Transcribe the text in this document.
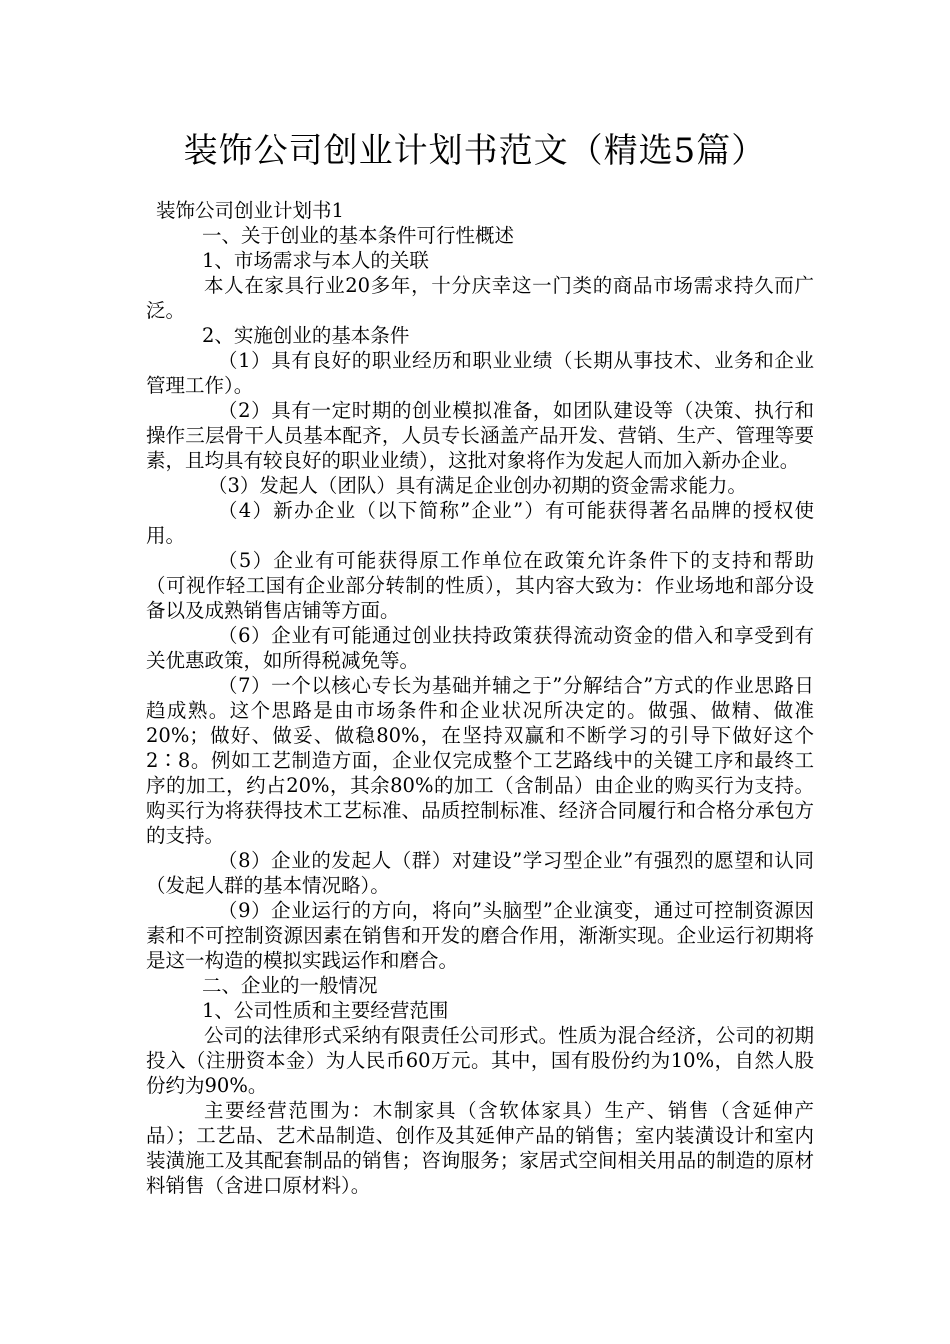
装饰公司创业计划书范文（精选5篇）

装饰公司创业计划书1

一、关于创业的基本条件可行性概述

1、市场需求与本人的关联

本人在家具行业20多年，十分庆幸这一门类的商品市场需求持久而广泛。

2、实施创业的基本条件

（1）具有良好的职业经历和职业业绩（长期从事技术、业务和企业管理工作）。

（2）具有一定时期的创业模拟准备，如团队建设等（决策、执行和操作三层骨干人员基本配齐，人员专长涵盖产品开发、营销、生产、管理等要素，且均具有较良好的职业业绩），这批对象将作为发起人而加入新办企业。

（3）发起人（团队）具有满足企业创办初期的资金需求能力。

（4）新办企业（以下简称”企业”）有可能获得著名品牌的授权使用。

（5）企业有可能获得原工作单位在政策允许条件下的支持和帮助（可视作轻工国有企业部分转制的性质），其内容大致为：作业场地和部分设备以及成熟销售店铺等方面。

（6）企业有可能通过创业扶持政策获得流动资金的借入和享受到有关优惠政策，如所得税减免等。

（7）一个以核心专长为基础并辅之于”分解结合”方式的作业思路日趋成熟。这个思路是由市场条件和企业状况所决定的。做强、做精、做准20%；做好、做妥、做稳80%，在坚持双赢和不断学习的引导下做好这个2∶8。例如工艺制造方面，企业仅完成整个工艺路线中的关键工序和最终工序的加工，约占20%，其余80%的加工（含制品）由企业的购买行为支持。购买行为将获得技术工艺标准、品质控制标准、经济合同履行和合格分承包方的支持。

（8）企业的发起人（群）对建设”学习型企业”有强烈的愿望和认同（发起人群的基本情况略）。

（9）企业运行的方向，将向”头脑型”企业演变，通过可控制资源因素和不可控制资源因素在销售和开发的磨合作用，渐渐实现。企业运行初期将是这一构造的模拟实践运作和磨合。

二、企业的一般情况

1、公司性质和主要经营范围

公司的法律形式采纳有限责任公司形式。性质为混合经济，公司的初期投入（注册资本金）为人民币60万元。其中，国有股份约为10%，自然人股份约为90%。

主要经营范围为：木制家具（含软体家具）生产、销售（含延伸产品）；工艺品、艺术品制造、创作及其延伸产品的销售；室内装潢设计和室内装潢施工及其配套制品的销售；咨询服务；家居式空间相关用品的制造的原材料销售（含进口原材料）。
